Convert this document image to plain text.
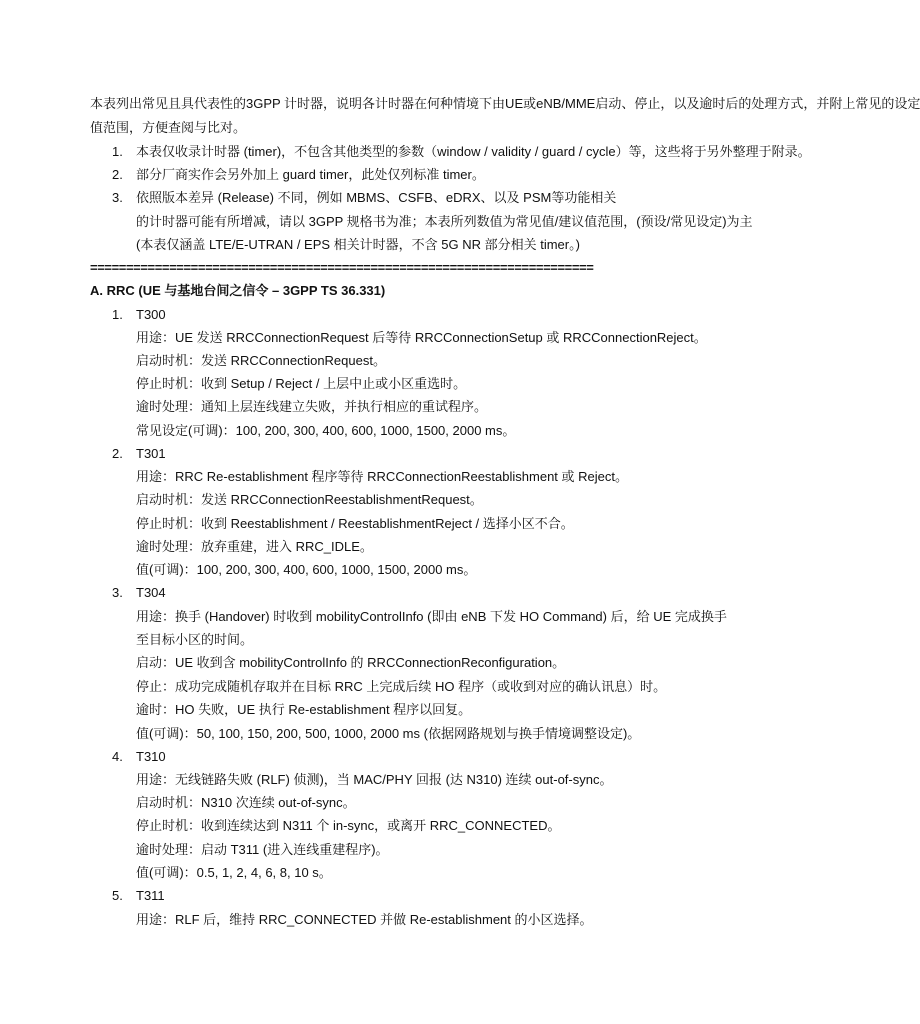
本表列出常见且具代表性的3GPP 计时器，说明各计时器在何种情境下由UE或eNB/MME启动、停止，以及逾时后的处理方式，并附上常见的设定
值范围，方便查阅与比对。
1. 本表仅收录计时器 (timer)，不包含其他类型的参数（window / validity / guard / cycle）等，这些将于另外整理于附录。
2. 部分厂商实作会另外加上 guard timer，此处仅列标准 timer。
3. 依照版本差异 (Release) 不同，例如 MBMS、CSFB、eDRX、以及 PSM等功能相关
的计时器可能有所增减，请以 3GPP 规格书为准；本表所列数值为常见值/建议值范围，(预设/常见设定)为主
(本表仅涵盖 LTE/E-UTRAN / EPS 相关计时器，不含 5G NR 部分相关 timer。)
======================================================================
A. RRC (UE 与基地台间之信令 – 3GPP TS 36.331)
1. T300
用途：UE 发送 RRCConnectionRequest 后等待 RRCConnectionSetup 或 RRCConnectionReject。
启动时机：发送 RRCConnectionRequest。
停止时机：收到 Setup / Reject / 上层中止或小区重选时。
逾时处理：通知上层连线建立失败，并执行相应的重试程序。
常见设定(可调)：100, 200, 300, 400, 600, 1000, 1500, 2000 ms。
2. T301
用途：RRC Re-establishment 程序等待 RRCConnectionReestablishment 或 Reject。
启动时机：发送 RRCConnectionReestablishmentRequest。
停止时机：收到 Reestablishment / ReestablishmentReject / 选择小区不合。
逾时处理：放弃重建，进入 RRC_IDLE。
值(可调)：100, 200, 300, 400, 600, 1000, 1500, 2000 ms。
3. T304
用途：换手 (Handover) 时收到 mobilityControlInfo (即由 eNB 下发 HO Command) 后，给 UE 完成换手
至目标小区的时间。
启动：UE 收到含 mobilityControlInfo 的 RRCConnectionReconfiguration。
停止：成功完成随机存取并在目标 RRC 上完成后续 HO 程序（或收到对应的确认讯息）时。
逾时：HO 失败，UE 执行 Re-establishment 程序以回复。
值(可调)：50, 100, 150, 200, 500, 1000, 2000 ms (依据网路规划与换手情境调整设定)。
4. T310
用途：无线链路失败 (RLF) 侦测)，当 MAC/PHY 回报 (达 N310) 连续 out-of-sync。
启动时机：N310 次连续 out-of-sync。
停止时机：收到连续达到 N311 个 in-sync，或离开 RRC_CONNECTED。
逾时处理：启动 T311 (进入连线重建程序)。
值(可调)：0.5, 1, 2, 4, 6, 8, 10 s。
5. T311
用途：RLF 后，维持 RRC_CONNECTED 并做 Re-establishment 的小区选择。
